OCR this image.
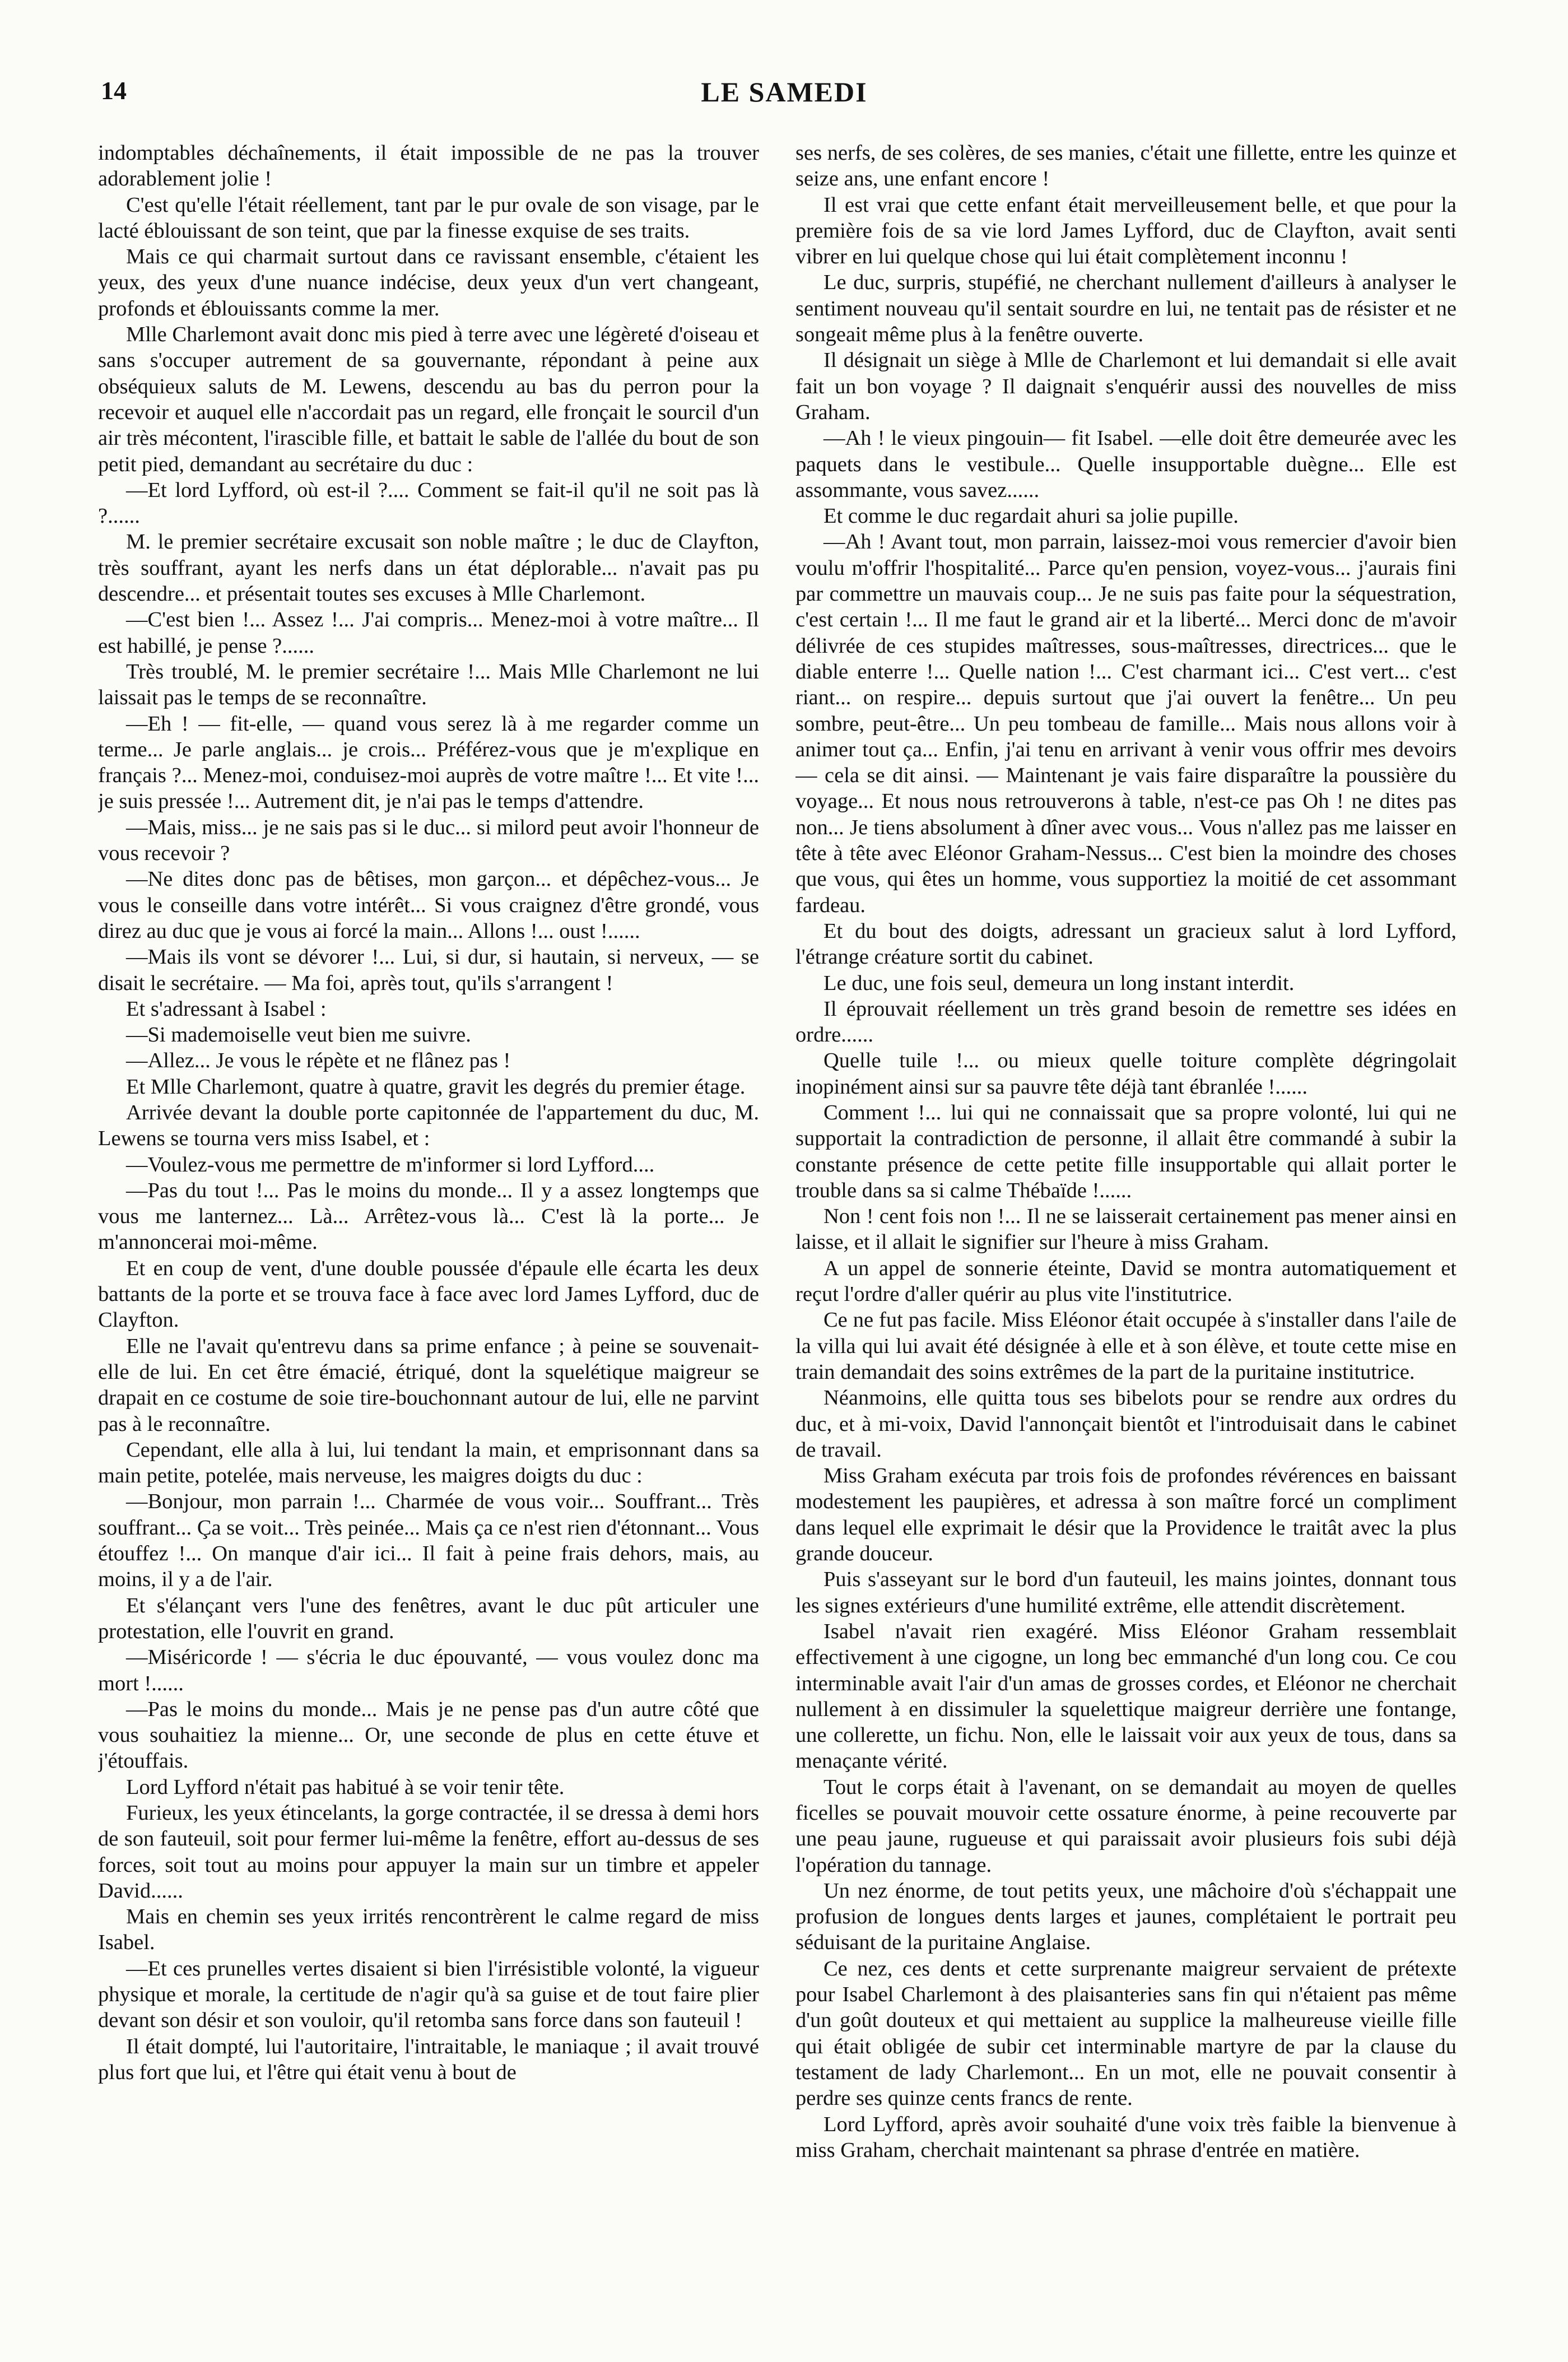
14	LE SAMEDI

indomptables déchaînements, il était impossible de ne pas la trouver adorablement jolie !

C'est qu'elle l'était réellement, tant par le pur ovale de son visage, par le lacté éblouissant de son teint, que par la finesse exquise de ses traits.

Mais ce qui charmait surtout dans ce ravissant ensemble, c'étaient les yeux, des yeux d'une nuance indécise, deux yeux d'un vert changeant, profonds et éblouissants comme la mer.

Mlle Charlemont avait donc mis pied à terre avec une légèreté d'oiseau et sans s'occuper autrement de sa gouvernante, répondant à peine aux obséquieux saluts de M. Lewens, descendu au bas du perron pour la recevoir et auquel elle n'accordait pas un regard, elle fronçait le sourcil d'un air très mécontent, l'irascible fille, et battait le sable de l'allée du bout de son petit pied, demandant au secrétaire du duc :

—Et lord Lyfford, où est-il ?.... Comment se fait-il qu'il ne soit pas là ?......

M. le premier secrétaire excusait son noble maître ; le duc de Clayfton, très souffrant, ayant les nerfs dans un état déplorable... n'avait pas pu descendre... et présentait toutes ses excuses à Mlle Charlemont.

—C'est bien !... Assez !... J'ai compris... Menez-moi à votre maître... Il est habillé, je pense ?......

Très troublé, M. le premier secrétaire !... Mais Mlle Charlemont ne lui laissait pas le temps de se reconnaître.

—Eh ! — fit-elle, — quand vous serez là à me regarder comme un terme... Je parle anglais... je crois... Préférez-vous que je m'explique en français ?... Menez-moi, conduisez-moi auprès de votre maître !... Et vite !... je suis pressée !... Autrement dit, je n'ai pas le temps d'attendre.

—Mais, miss... je ne sais pas si le duc... si milord peut avoir l'honneur de vous recevoir ?

—Ne dites donc pas de bêtises, mon garçon... et dépêchez-vous... Je vous le conseille dans votre intérêt... Si vous craignez d'être grondé, vous direz au duc que je vous ai forcé la main... Allons !... oust !......

—Mais ils vont se dévorer !... Lui, si dur, si hautain, si nerveux, — se disait le secrétaire. — Ma foi, après tout, qu'ils s'arrangent !

Et s'adressant à Isabel :

—Si mademoiselle veut bien me suivre.

—Allez... Je vous le répète et ne flânez pas !

Et Mlle Charlemont, quatre à quatre, gravit les degrés du premier étage.

Arrivée devant la double porte capitonnée de l'appartement du duc, M. Lewens se tourna vers miss Isabel, et :

—Voulez-vous me permettre de m'informer si lord Lyfford....

—Pas du tout !... Pas le moins du monde... Il y a assez longtemps que vous me lanternez... Là... Arrêtez-vous là... C'est là la porte... Je m'annoncerai moi-même.

Et en coup de vent, d'une double poussée d'épaule elle écarta les deux battants de la porte et se trouva face à face avec lord James Lyfford, duc de Clayfton.

Elle ne l'avait qu'entrevu dans sa prime enfance ; à peine se souvenait-elle de lui. En cet être émacié, étriqué, dont la squelétique maigreur se drapait en ce costume de soie tire-bouchonnant autour de lui, elle ne parvint pas à le reconnaître.

Cependant, elle alla à lui, lui tendant la main, et emprisonnant dans sa main petite, potelée, mais nerveuse, les maigres doigts du duc :

—Bonjour, mon parrain !... Charmée de vous voir... Souffrant... Très souffrant... Ça se voit... Très peinée... Mais ça ce n'est rien d'étonnant... Vous étouffez !... On manque d'air ici... Il fait à peine frais dehors, mais, au moins, il y a de l'air.

Et s'élançant vers l'une des fenêtres, avant le duc pût articuler une protestation, elle l'ouvrit en grand.

—Miséricorde ! — s'écria le duc épouvanté, — vous voulez donc ma mort !......

—Pas le moins du monde... Mais je ne pense pas d'un autre côté que vous souhaitiez la mienne... Or, une seconde de plus en cette étuve et j'étouffais.

Lord Lyfford n'était pas habitué à se voir tenir tête.

Furieux, les yeux étincelants, la gorge contractée, il se dressa à demi hors de son fauteuil, soit pour fermer lui-même la fenêtre, effort au-dessus de ses forces, soit tout au moins pour appuyer la main sur un timbre et appeler David......

Mais en chemin ses yeux irrités rencontrèrent le calme regard de miss Isabel.

—Et ces prunelles vertes disaient si bien l'irrésistible volonté, la vigueur physique et morale, la certitude de n'agir qu'à sa guise et de tout faire plier devant son désir et son vouloir, qu'il retomba sans force dans son fauteuil !

Il était dompté, lui l'autoritaire, l'intraitable, le maniaque ; il avait trouvé plus fort que lui, et l'être qui était venu à bout de

ses nerfs, de ses colères, de ses manies, c'était une fillette, entre les quinze et seize ans, une enfant encore !

Il est vrai que cette enfant était merveilleusement belle, et que pour la première fois de sa vie lord James Lyfford, duc de Clayfton, avait senti vibrer en lui quelque chose qui lui était complètement inconnu !

Le duc, surpris, stupéfié, ne cherchant nullement d'ailleurs à analyser le sentiment nouveau qu'il sentait sourdre en lui, ne tentait pas de résister et ne songeait même plus à la fenêtre ouverte.

Il désignait un siège à Mlle de Charlemont et lui demandait si elle avait fait un bon voyage ? Il daignait s'enquérir aussi des nouvelles de miss Graham.

—Ah ! le vieux pingouin— fit Isabel. —elle doit être demeurée avec les paquets dans le vestibule... Quelle insupportable duègne... Elle est assommante, vous savez......

Et comme le duc regardait ahuri sa jolie pupille.

—Ah ! Avant tout, mon parrain, laissez-moi vous remercier d'avoir bien voulu m'offrir l'hospitalité... Parce qu'en pension, voyez-vous... j'aurais fini par commettre un mauvais coup... Je ne suis pas faite pour la séquestration, c'est certain !... Il me faut le grand air et la liberté... Merci donc de m'avoir délivrée de ces stupides maîtresses, sous-maîtresses, directrices... que le diable enterre !... Quelle nation !... C'est charmant ici... C'est vert... c'est riant... on respire... depuis surtout que j'ai ouvert la fenêtre... Un peu sombre, peut-être... Un peu tombeau de famille... Mais nous allons voir à animer tout ça... Enfin, j'ai tenu en arrivant à venir vous offrir mes devoirs — cela se dit ainsi. — Maintenant je vais faire disparaître la poussière du voyage... Et nous nous retrouverons à table, n'est-ce pas Oh ! ne dites pas non... Je tiens absolument à dîner avec vous... Vous n'allez pas me laisser en tête à tête avec Eléonor Graham-Nessus... C'est bien la moindre des choses que vous, qui êtes un homme, vous supportiez la moitié de cet assommant fardeau.

Et du bout des doigts, adressant un gracieux salut à lord Lyfford, l'étrange créature sortit du cabinet.

Le duc, une fois seul, demeura un long instant interdit.

Il éprouvait réellement un très grand besoin de remettre ses idées en ordre......

Quelle tuile !... ou mieux quelle toiture complète dégringolait inopinément ainsi sur sa pauvre tête déjà tant ébranlée !......

Comment !... lui qui ne connaissait que sa propre volonté, lui qui ne supportait la contradiction de personne, il allait être commandé à subir la constante présence de cette petite fille insupportable qui allait porter le trouble dans sa si calme Thébaïde !......

Non ! cent fois non !... Il ne se laisserait certainement pas mener ainsi en laisse, et il allait le signifier sur l'heure à miss Graham.

A un appel de sonnerie éteinte, David se montra automatiquement et reçut l'ordre d'aller quérir au plus vite l'institutrice.

Ce ne fut pas facile. Miss Eléonor était occupée à s'installer dans l'aile de la villa qui lui avait été désignée à elle et à son élève, et toute cette mise en train demandait des soins extrêmes de la part de la puritaine institutrice.

Néanmoins, elle quitta tous ses bibelots pour se rendre aux ordres du duc, et à mi-voix, David l'annonçait bientôt et l'introduisait dans le cabinet de travail.

Miss Graham exécuta par trois fois de profondes révérences en baissant modestement les paupières, et adressa à son maître forcé un compliment dans lequel elle exprimait le désir que la Providence le traitât avec la plus grande douceur.

Puis s'asseyant sur le bord d'un fauteuil, les mains jointes, donnant tous les signes extérieurs d'une humilité extrême, elle attendit discrètement.

Isabel n'avait rien exagéré. Miss Eléonor Graham ressemblait effectivement à une cigogne, un long bec emmanché d'un long cou. Ce cou interminable avait l'air d'un amas de grosses cordes, et Eléonor ne cherchait nullement à en dissimuler la squelettique maigreur derrière une fontange, une collerette, un fichu. Non, elle le laissait voir aux yeux de tous, dans sa menaçante vérité.

Tout le corps était à l'avenant, on se demandait au moyen de quelles ficelles se pouvait mouvoir cette ossature énorme, à peine recouverte par une peau jaune, rugueuse et qui paraissait avoir plusieurs fois subi déjà l'opération du tannage.

Un nez énorme, de tout petits yeux, une mâchoire d'où s'échappait une profusion de longues dents larges et jaunes, complétaient le portrait peu séduisant de la puritaine Anglaise.

Ce nez, ces dents et cette surprenante maigreur servaient de prétexte pour Isabel Charlemont à des plaisanteries sans fin qui n'étaient pas même d'un goût douteux et qui mettaient au supplice la malheureuse vieille fille qui était obligée de subir cet interminable martyre de par la clause du testament de lady Charlemont... En un mot, elle ne pouvait consentir à perdre ses quinze cents francs de rente.

Lord Lyfford, après avoir souhaité d'une voix très faible la bienvenue à miss Graham, cherchait maintenant sa phrase d'entrée en matière.
